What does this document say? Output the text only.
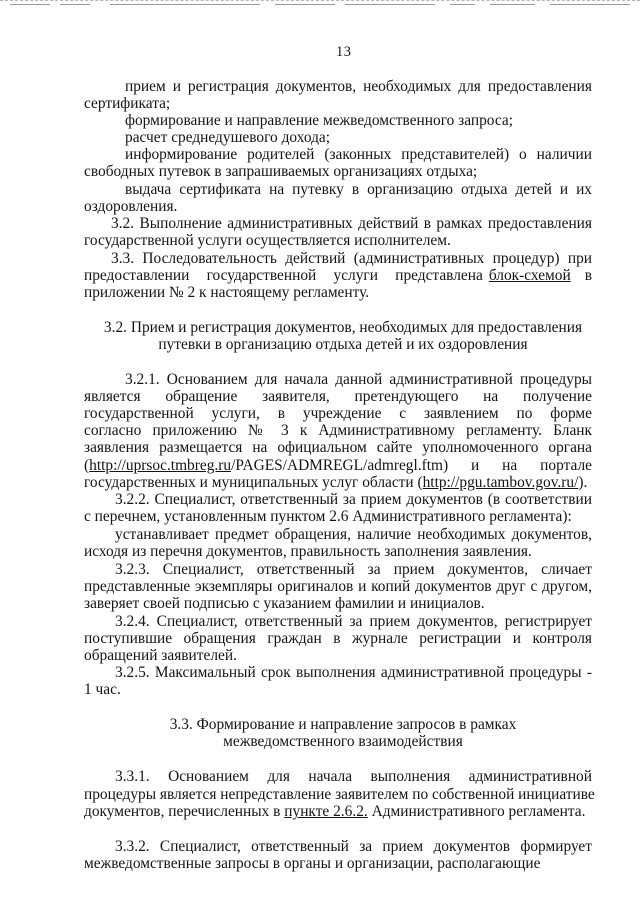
13
прием и регистрация документов, необходимых для предоставления
сертификата;
формирование и направление межведомственного запроса;
расчет среднедушевого дохода;
информирование родителей (законных представителей) о наличии
свободных путевок в запрашиваемых организациях отдыха;
выдача сертификата на путевку в организацию отдыха детей и их
оздоровления.
3.2. Выполнение административных действий в рамках предоставления
государственной услуги осуществляется исполнителем.
3.3. Последовательность действий (административных процедур) при
предоставлении государственной услуги представлена блок-схемой в
приложении № 2 к настоящему регламенту.
3.2. Прием и регистрация документов, необходимых для предоставления
путевки в организацию отдыха детей и их оздоровления
3.2.1. Основанием для начала данной административной процедуры
является обращение заявителя, претендующего на получение
государственной услуги, в учреждение с заявлением по форме
согласно приложению № 3 к Административному регламенту. Бланк
заявления размещается на официальном сайте уполномоченного органа
(http://uprsoc.tmbreg.ru/PAGES/ADMREGL/admregl.ftm) и на портале
государственных и муниципальных услуг области (http://pgu.tambov.gov.ru/).
3.2.2. Специалист, ответственный за прием документов (в соответствии
с перечнем, установленным пунктом 2.6 Административного регламента):
устанавливает предмет обращения, наличие необходимых документов,
исходя из перечня документов, правильность заполнения заявления.
3.2.3. Специалист, ответственный за прием документов, сличает
представленные экземпляры оригиналов и копий документов друг с другом,
заверяет своей подписью с указанием фамилии и инициалов.
3.2.4. Специалист, ответственный за прием документов, регистрирует
поступившие обращения граждан в журнале регистрации и контроля
обращений заявителей.
3.2.5. Максимальный срок выполнения административной процедуры -
1 час.
3.3. Формирование и направление запросов в рамках
межведомственного взаимодействия
3.3.1. Основанием для начала выполнения административной
процедуры является непредставление заявителем по собственной инициативе
документов, перечисленных в пункте 2.6.2. Административного регламента.
3.3.2. Специалист, ответственный за прием документов формирует
межведомственные запросы в органы и организации, располагающие
